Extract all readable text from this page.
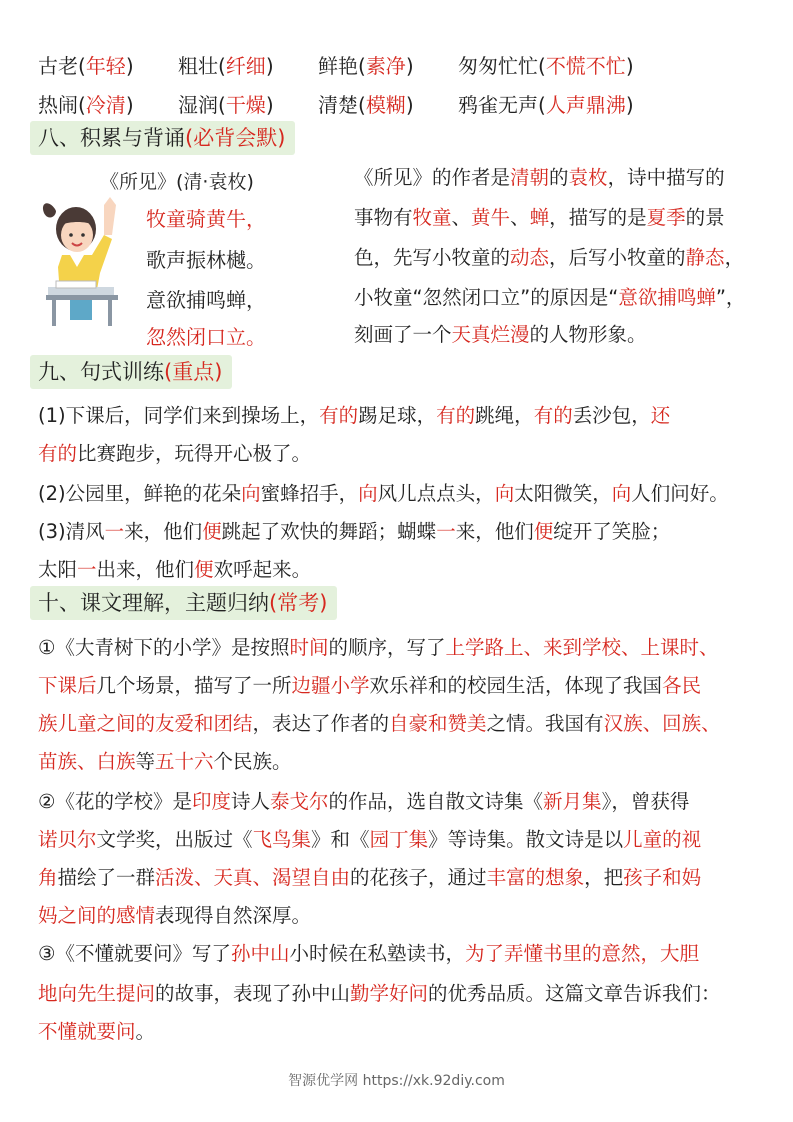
古老(年轻) 粗壮(纤细) 鲜艳(素净) 匆匆忙忙(不慌不忙)
热闹(冷清) 湿润(干燥) 清楚(模糊) 鸦雀无声(人声鼎沸)
八、积累与背诵(必背会默)
《所见》(清·袁枚)
牧童骑黄牛，
歌声振林樾。
意欲捕鸣蝉，
忽然闭口立。
《所见》的作者是清朝的袁枚，诗中描写的
事物有牧童、黄牛、蝉，描写的是夏季的景
色，先写小牧童的动态，后写小牧童的静态，
小牧童“忽然闭口立”的原因是“意欲捕鸣蝉”，
刻画了一个天真烂漫的人物形象。
九、句式训练(重点)
(1)下课后，同学们来到操场上，有的踢足球，有的跳绳，有的丢沙包，还
有的比赛跑步，玩得开心极了。
(2)公园里，鲜艳的花朵向蜜蜂招手，向风儿点点头，向太阳微笑，向人们问好。
(3)清风一来，他们便跳起了欢快的舞蹈；蝴蝶一来，他们便绽开了笑脸；
太阳一出来，他们便欢呼起来。
十、课文理解，主题归纳(常考)
①《大青树下的小学》是按照时间的顺序，写了上学路上、来到学校、上课时、
下课后几个场景，描写了一所边疆小学欢乐祥和的校园生活，体现了我国各民
族儿童之间的友爱和团结，表达了作者的自豪和赞美之情。我国有汉族、回族、
苗族、白族等五十六个民族。
②《花的学校》是印度诗人泰戈尔的作品，选自散文诗集《新月集》，曾获得
诺贝尔文学奖，出版过《飞鸟集》和《园丁集》等诗集。散文诗是以儿童的视
角描绘了一群活泼、天真、渴望自由的花孩子，通过丰富的想象，把孩子和妈
妈之间的感情表现得自然深厚。
③《不懂就要问》写了孙中山小时候在私塾读书，为了弄懂书里的意然，大胆
地向先生提问的故事，表现了孙中山勤学好问的优秀品质。这篇文章告诉我们：
不懂就要问。
智源优学网 https://xk.92diy.com
